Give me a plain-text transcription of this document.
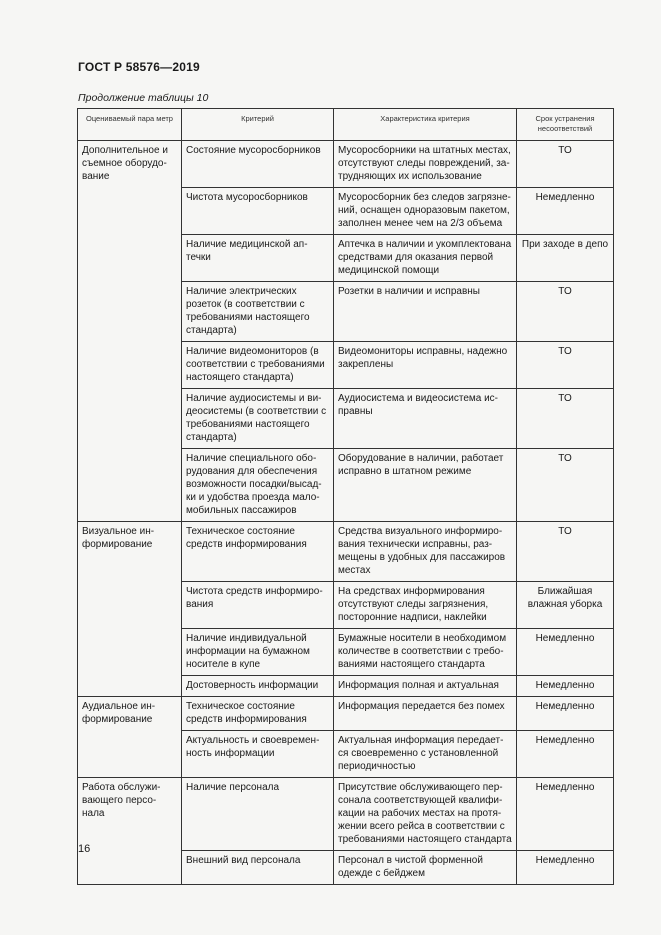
ГОСТ Р 58576—2019
Продолжение таблицы 10
Оцениваемый пара метр	Критерий	Характеристика критерия	Срок устранения несоответствий
Дополнительное и съемное оборудо-вание	Состояние мусоросборников	Мусоросборники на штатных местах, отсутствуют следы повреждений, за-трудняющих их использование	ТО
	Чистота мусоросборников	Мусоросборник без следов загрязне-ний, оснащен одноразовым пакетом, заполнен менее чем на 2/3 объема	Немедленно
	Наличие медицинской ап-течки	Аптечка в наличии и укомплектована средствами для оказания первой медицинской помощи	При заходе в депо
	Наличие электрических розеток (в соответствии с требованиями настоящего стандарта)	Розетки в наличии и исправны	ТО
	Наличие видеомониторов (в соответствии с требованиями настоящего стандарта)	Видеомониторы исправны, надежно закреплены	ТО
	Наличие аудиосистемы и ви-деосистемы (в соответствии с требованиями настоящего стандарта)	Аудиосистема и видеосистема ис-правны	ТО
	Наличие специального обо-рудования для обеспечения возможности посадки/высад-ки и удобства проезда мало-мобильных пассажиров	Оборудование в наличии, работает исправно в штатном режиме	ТО
Визуальное ин-формирование	Техническое состояние средств информирования	Средства визуального информиро-вания технически исправны, раз-мещены в удобных для пассажиров местах	ТО
	Чистота средств информиро-вания	На средствах информирования отсутствуют следы загрязнения, посторонние надписи, наклейки	Ближайшая влажная уборка
	Наличие индивидуальной информации на бумажном носителе в купе	Бумажные носители в необходимом количестве в соответствии с требо-ваниями настоящего стандарта	Немедленно
	Достоверность информации	Информация полная и актуальная	Немедленно
Аудиальное ин-формирование	Техническое состояние средств информирования	Информация передается без помех	Немедленно
	Актуальность и своевремен-ность информации	Актуальная информация передает-ся своевременно с установленной периодичностью	Немедленно
Работа обслужи-вающего персо-нала	Наличие персонала	Присутствие обслуживающего пер-сонала соответствующей квалифи-кации на рабочих местах на протя-жении всего рейса в соответствии с требованиями настоящего стандарта	Немедленно
	Внешний вид персонала	Персонал в чистой форменной одежде с бейджем	Немедленно
16
